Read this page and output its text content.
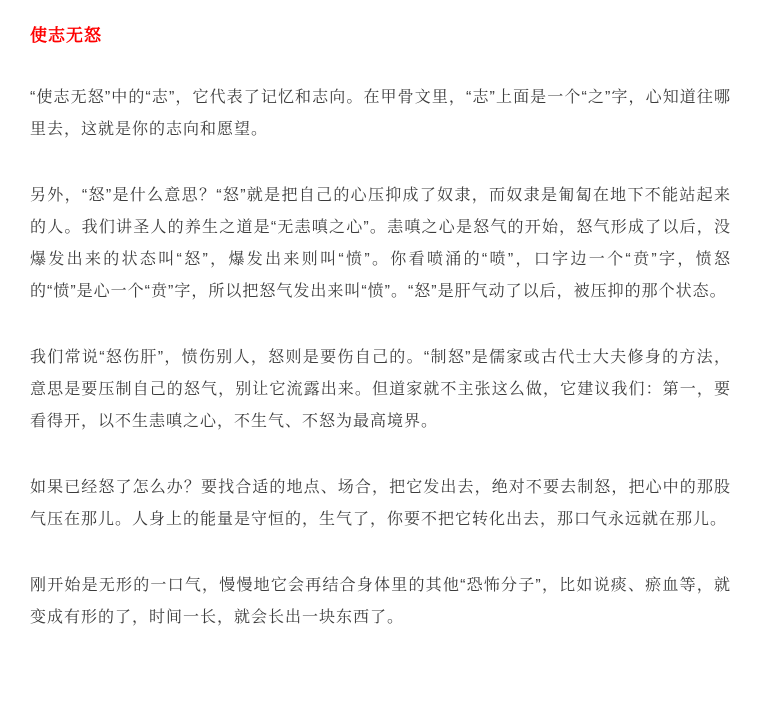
使志无怒

“使志无怒”中的“志”，它代表了记忆和志向。在甲骨文里，“志”上面是一个“之”字，心知道往哪里去，这就是你的志向和愿望。

另外，“怒”是什么意思？“怒”就是把自己的心压抑成了奴隶，而奴隶是匍匐在地下不能站起来的人。我们讲圣人的养生之道是“无恚嗔之心”。恚嗔之心是怒气的开始，怒气形成了以后，没爆发出来的状态叫“怒”，爆发出来则叫“愤”。你看喷涌的“喷”，口字边一个“贲”字，愤怒的“愤”是心一个“贲”字，所以把怒气发出来叫“愤”。“怒”是肝气动了以后，被压抑的那个状态。

我们常说“怒伤肝”，愤伤别人，怒则是要伤自己的。“制怒”是儒家或古代士大夫修身的方法，意思是要压制自己的怒气，别让它流露出来。但道家就不主张这么做，它建议我们：第一，要看得开，以不生恚嗔之心，不生气、不怒为最高境界。

如果已经怒了怎么办？要找合适的地点、场合，把它发出去，绝对不要去制怒，把心中的那股气压在那儿。人身上的能量是守恒的，生气了，你要不把它转化出去，那口气永远就在那儿。

刚开始是无形的一口气，慢慢地它会再结合身体里的其他“恐怖分子”，比如说痰、瘀血等，就变成有形的了，时间一长，就会长出一块东西了。
